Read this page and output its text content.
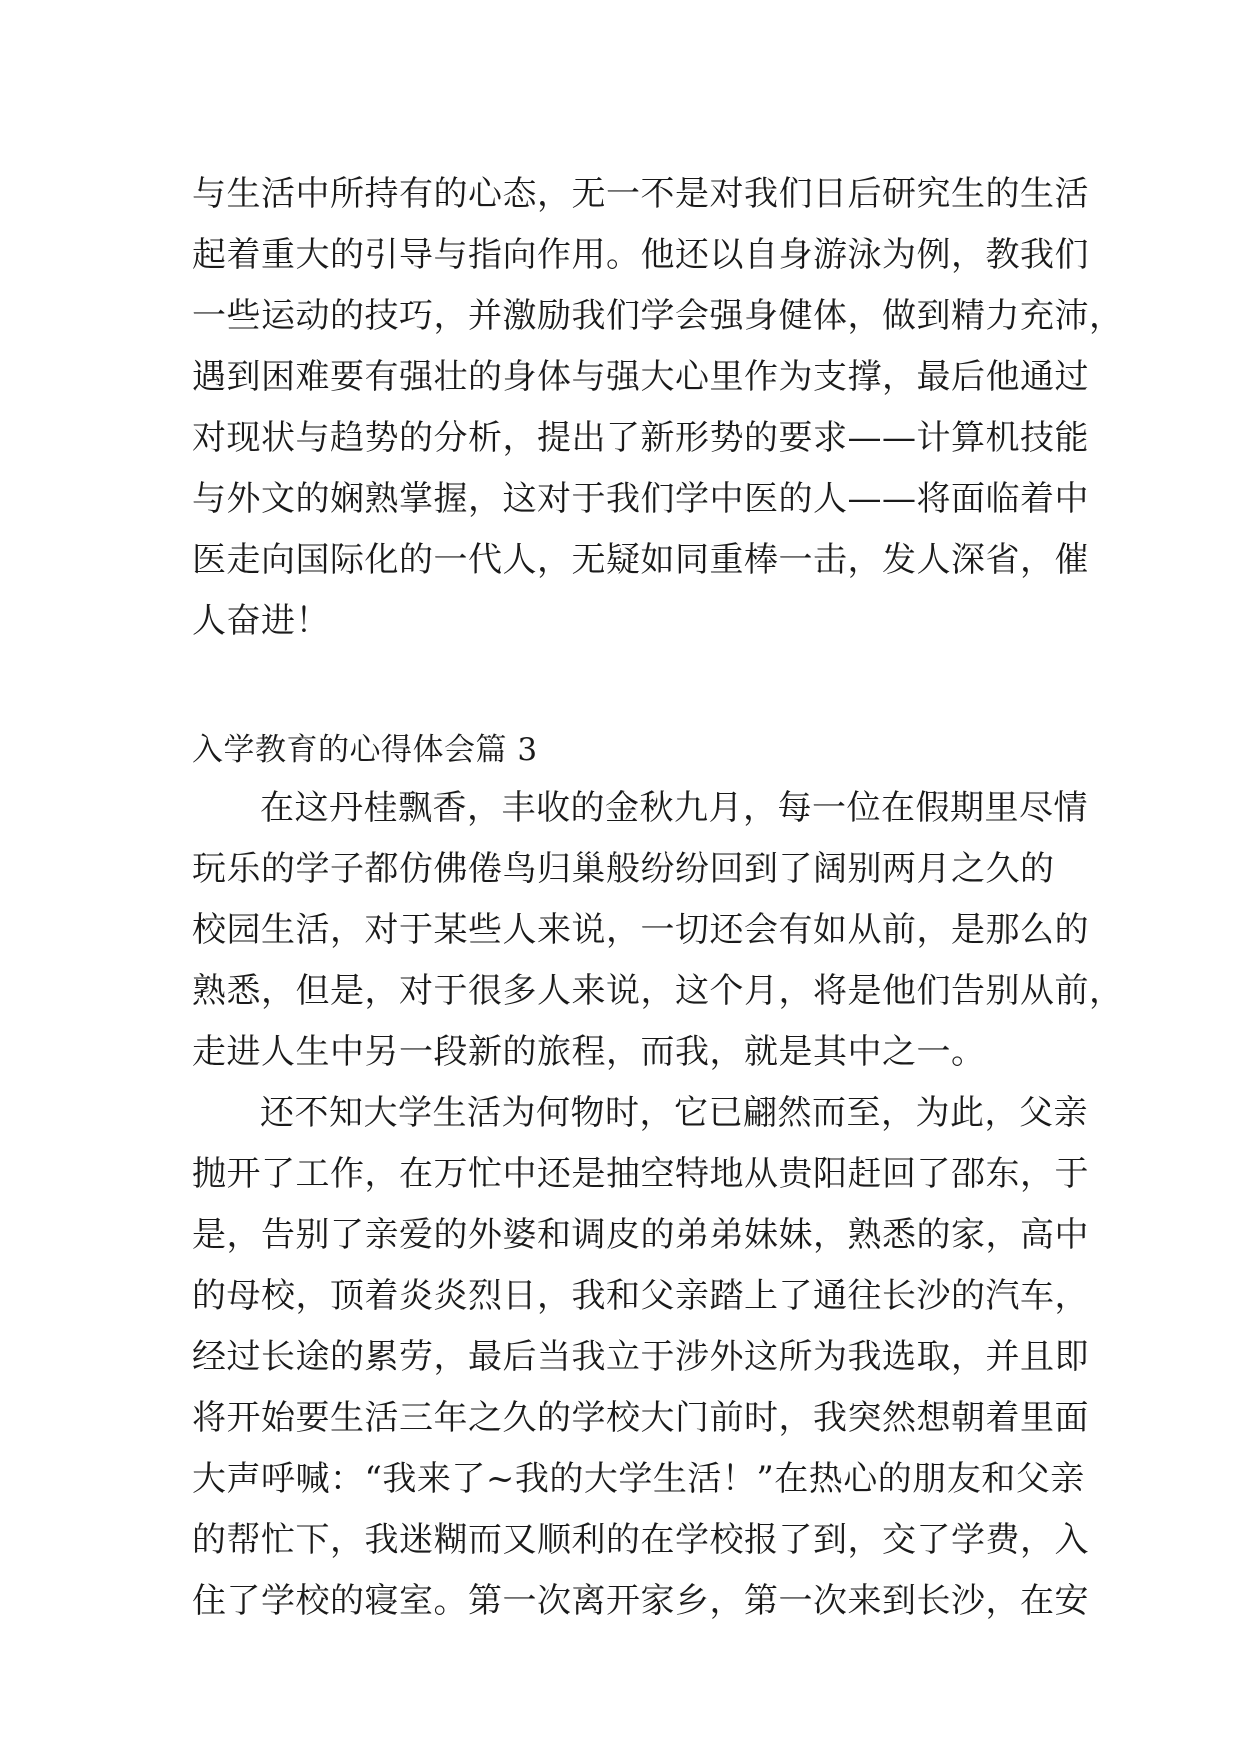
与生活中所持有的心态，无一不是对我们日后研究生的生活
起着重大的引导与指向作用。他还以自身游泳为例，教我们
一些运动的技巧，并激励我们学会强身健体，做到精力充沛，
遇到困难要有强壮的身体与强大心里作为支撑，最后他通过
对现状与趋势的分析，提出了新形势的要求——计算机技能
与外文的娴熟掌握，这对于我们学中医的人——将面临着中
医走向国际化的一代人，无疑如同重棒一击，发人深省，催
人奋进！
入学教育的心得体会篇 3
在这丹桂飘香，丰收的金秋九月，每一位在假期里尽情
玩乐的学子都仿佛倦鸟归巢般纷纷回到了阔别两月之久的
校园生活，对于某些人来说，一切还会有如从前，是那么的
熟悉，但是，对于很多人来说，这个月，将是他们告别从前，
走进人生中另一段新的旅程，而我，就是其中之一。
还不知大学生活为何物时，它已翩然而至，为此，父亲
抛开了工作，在万忙中还是抽空特地从贵阳赶回了邵东，于
是，告别了亲爱的外婆和调皮的弟弟妹妹，熟悉的家，高中
的母校，顶着炎炎烈日，我和父亲踏上了通往长沙的汽车，
经过长途的累劳，最后当我立于涉外这所为我选取，并且即
将开始要生活三年之久的学校大门前时，我突然想朝着里面
大声呼喊：“我来了~我的大学生活！”在热心的朋友和父亲
的帮忙下，我迷糊而又顺利的在学校报了到，交了学费，入
住了学校的寝室。第一次离开家乡，第一次来到长沙，在安
